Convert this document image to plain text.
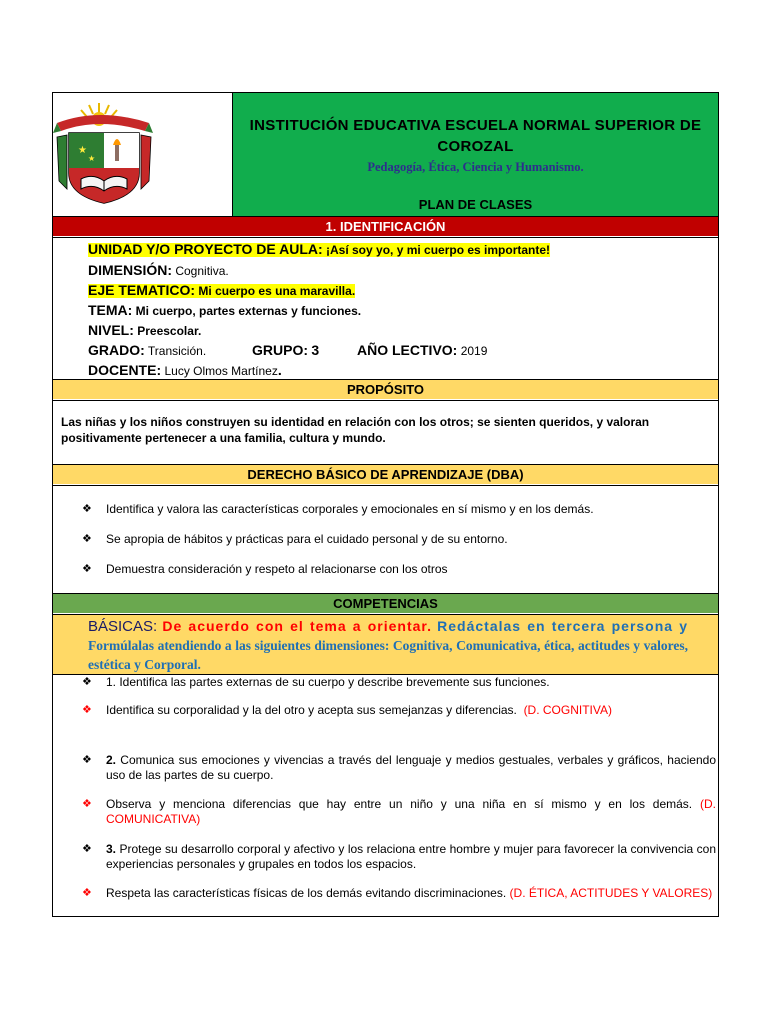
★
★
INSTITUCIÓN EDUCATIVA ESCUELA NORMAL SUPERIOR DE COROZAL
Pedagogía, Ética, Ciencia y Humanismo.
PLAN DE CLASES
1. IDENTIFICACIÓN
UNIDAD Y/O PROYECTO DE AULA: ¡Así soy yo, y mi cuerpo es importante!
DIMENSIÓN: Cognitiva.
EJE TEMATICO: Mi cuerpo es una maravilla.
TEMA: Mi cuerpo, partes externas y funciones.
NIVEL: Preescolar.
GRADO: Transición.	GRUPO: 3	AÑO LECTIVO: 2019
DOCENTE: Lucy Olmos Martínez.
PROPÓSITO
Las niñas y los niños construyen su identidad en relación con los otros; se sienten queridos, y valoran positivamente pertenecer a una familia, cultura y mundo.
DERECHO BÁSICO DE APRENDIZAJE (DBA)
❖ Identifica y valora las características corporales y emocionales en sí mismo y en los demás.
❖ Se apropia de hábitos y prácticas para el cuidado personal y de su entorno.
❖ Demuestra consideración y respeto al relacionarse con los otros
COMPETENCIAS
BÁSICAS: De acuerdo con el tema a orientar. Redáctalas en tercera persona y Formúlalas atendiendo a las siguientes dimensiones: Cognitiva, Comunicativa, ética, actitudes y valores, estética y Corporal.
❖ 1. Identifica las partes externas de su cuerpo y describe brevemente sus funciones.
❖ Identifica su corporalidad y la del otro y acepta sus semejanzas y diferencias. (D. COGNITIVA)
❖ 2. Comunica sus emociones y vivencias a través del lenguaje y medios gestuales, verbales y gráficos, haciendo uso de las partes de su cuerpo.
❖ Observa y menciona diferencias que hay entre un niño y una niña en sí mismo y en los demás. (D. COMUNICATIVA)
❖ 3. Protege su desarrollo corporal y afectivo y los relaciona entre hombre y mujer para favorecer la convivencia con experiencias personales y grupales en todos los espacios.
❖ Respeta las características físicas de los demás evitando discriminaciones. (D. ÉTICA, ACTITUDES Y VALORES)
